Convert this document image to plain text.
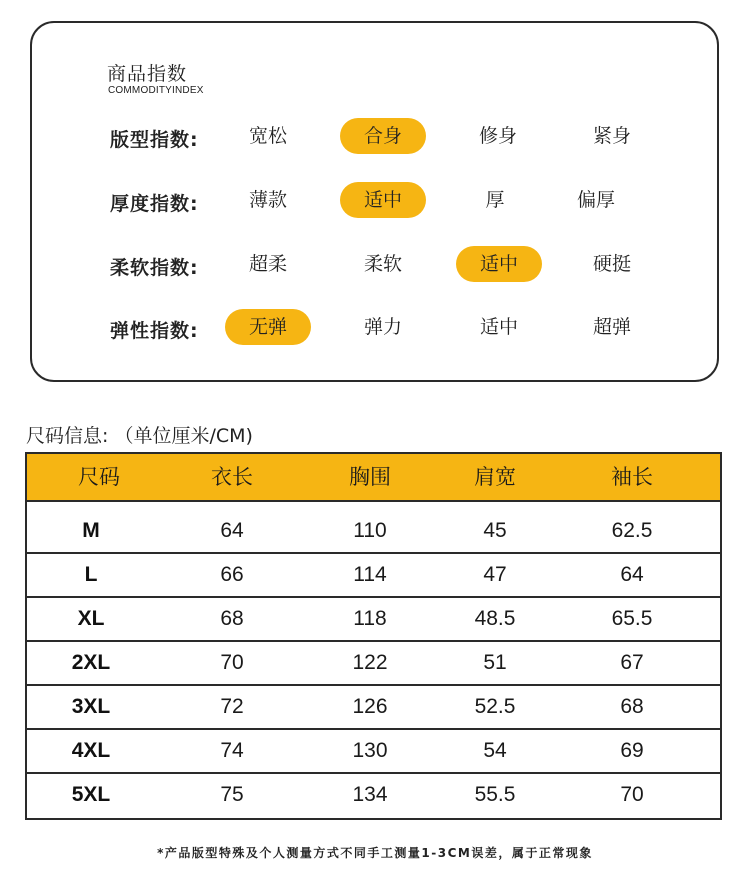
商品指数
COMMODITYINDEX
版型指数:	宽松	合身	修身	紧身
厚度指数:	薄款	适中	厚	偏厚
柔软指数:	超柔	柔软	适中	硬挺
弹性指数:	无弹	弹力	适中	超弹
尺码信息: （单位厘米/CM)
尺码	衣长	胸围	肩宽	袖长
M	64	110	45	62.5
L	66	114	47	64
XL	68	118	48.5	65.5
2XL	70	122	51	67
3XL	72	126	52.5	68
4XL	74	130	54	69
5XL	75	134	55.5	70
*产品版型特殊及个人测量方式不同手工测量1-3CM误差，属于正常现象
